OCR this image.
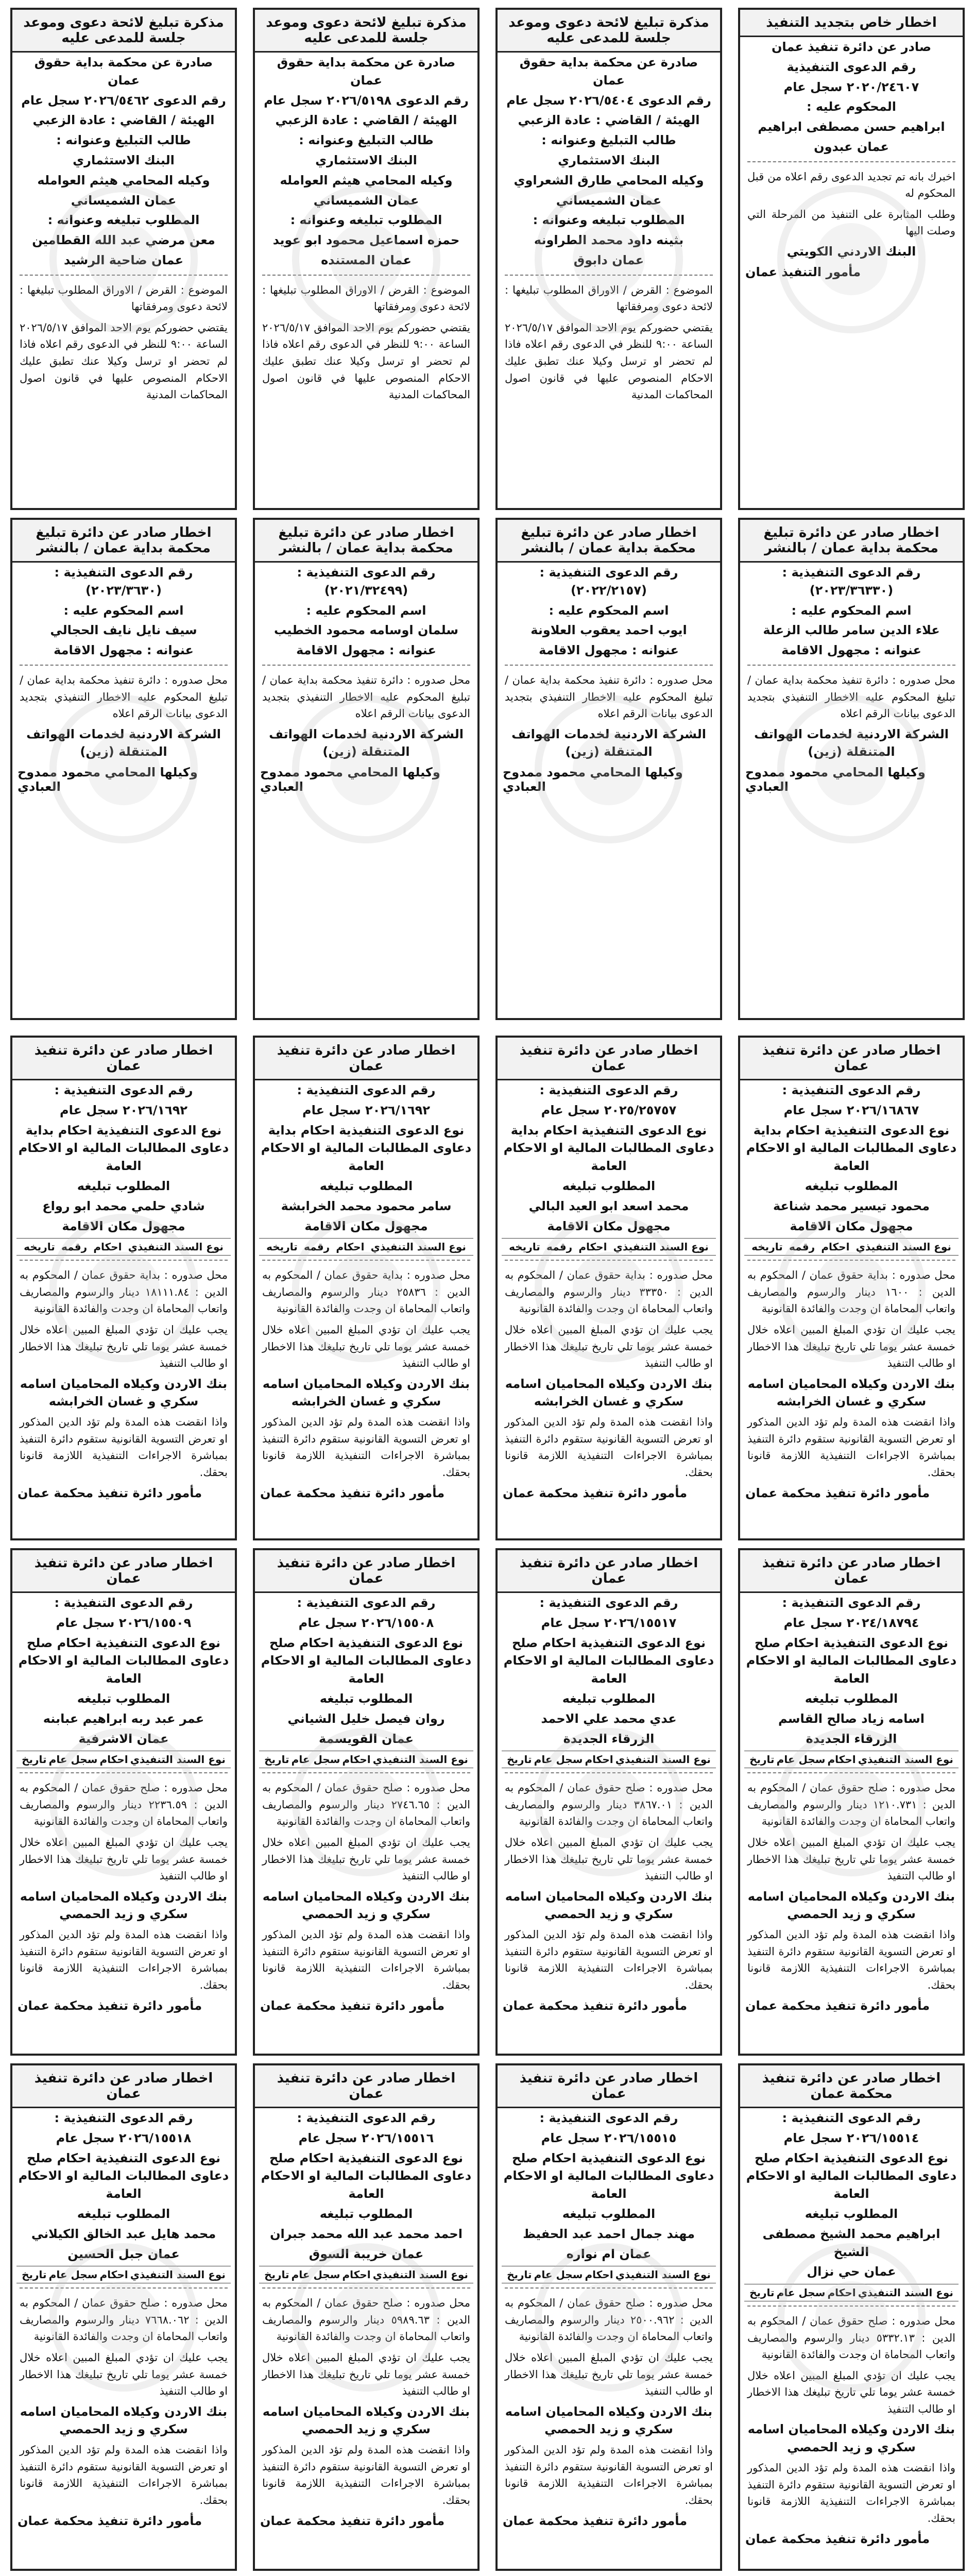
اخطار خاص بتجديد التنفيذ
صادر عن دائرة تنفيذ عمان
رقم الدعوى التنفيذية
٢٠٢٠/٢٤٦٠٧ سجل عام
المحكوم عليه :
ابراهيم حسن مصطفى ابراهيم
عمان عبدون
اخبرك بانه تم تجديد الدعوى رقم اعلاه من قبل المحكوم له
وطلب المثابرة على التنفيذ من المرحلة التي وصلت اليها
البنك الاردني الكويتي
مأمور التنفيذ عمان
مذكرة تبليغ لائحة دعوى وموعد جلسة للمدعى عليه
صادرة عن محكمة بداية حقوق عمان
رقم الدعوى ٢٠٢٦/٥٤٠٤ سجل عام
الهيئة / القاضي : عادة الزعبي
طالب التبليغ وعنوانه :
البنك الاستثماري
وكيله المحامي طارق الشعراوي
عمان الشميساني
المطلوب تبليغه وعنوانه :
بثينه داود محمد الطراونه
عمان دابوق
الموضوع : القرض / الاوراق المطلوب تبليغها : لائحة دعوى ومرفقاتها
يقتضي حضوركم يوم الاحد الموافق ٢٠٢٦/٥/١٧ الساعة ٩:٠٠ للنظر في الدعوى رقم اعلاه فاذا لم تحضر او ترسل وكيلا عنك تطبق عليك الاحكام المنصوص عليها في قانون اصول المحاكمات المدنية
مذكرة تبليغ لائحة دعوى وموعد جلسة للمدعى عليه
صادرة عن محكمة بداية حقوق عمان
رقم الدعوى ٢٠٢٦/٥١٩٨ سجل عام
الهيئة / القاضي : عادة الزعبي
طالب التبليغ وعنوانه :
البنك الاستثماري
وكيله المحامي هيثم العوامله
عمان الشميساني
المطلوب تبليغه وعنوانه :
حمزه اسماعيل محمود ابو عويد
عمان المستنده
الموضوع : القرض / الاوراق المطلوب تبليغها : لائحة دعوى ومرفقاتها
يقتضي حضوركم يوم الاحد الموافق ٢٠٢٦/٥/١٧ الساعة ٩:٠٠ للنظر في الدعوى رقم اعلاه فاذا لم تحضر او ترسل وكيلا عنك تطبق عليك الاحكام المنصوص عليها في قانون اصول المحاكمات المدنية
مذكرة تبليغ لائحة دعوى وموعد جلسة للمدعى عليه
صادرة عن محكمة بداية حقوق عمان
رقم الدعوى ٢٠٢٦/٥٤٦٢ سجل عام
الهيئة / القاضي : عادة الزعبي
طالب التبليغ وعنوانه :
البنك الاستثماري
وكيله المحامي هيثم العوامله
عمان الشميساني
المطلوب تبليغه وعنوانه :
معن مرضي عبد الله القطامين
عمان ضاحية الرشيد
الموضوع : القرض / الاوراق المطلوب تبليغها : لائحة دعوى ومرفقاتها
يقتضي حضوركم يوم الاحد الموافق ٢٠٢٦/٥/١٧ الساعة ٩:٠٠ للنظر في الدعوى رقم اعلاه فاذا لم تحضر او ترسل وكيلا عنك تطبق عليك الاحكام المنصوص عليها في قانون اصول المحاكمات المدنية
اخطار صادر عن دائرة تبليغ محكمة بداية عمان / بالنشر
رقم الدعوى التنفيذية : (٢٠٢٣/٣٦٣٣٠)
اسم المحكوم عليه :
علاء الدين سامر طالب الزعلة
عنوانه : مجهول الاقامة
محل صدوره : دائرة تنفيذ محكمة بداية عمان / تبليغ المحكوم عليه الاخطار التنفيذي بتجديد الدعوى بيانات الرقم اعلاه
الشركة الاردنية لخدمات الهواتف المتنقلة (زين)
وكيلها المحامي محمود ممدوح العبادي
اخطار صادر عن دائرة تبليغ محكمة بداية عمان / بالنشر
رقم الدعوى التنفيذية : (٢٠٢٢/٢١٥٧)
اسم المحكوم عليه :
ايوب احمد يعقوب العلاونة
عنوانه : مجهول الاقامة
محل صدوره : دائرة تنفيذ محكمة بداية عمان / تبليغ المحكوم عليه الاخطار التنفيذي بتجديد الدعوى بيانات الرقم اعلاه
الشركة الاردنية لخدمات الهواتف المتنقلة (زين)
وكيلها المحامي محمود ممدوح العبادي
اخطار صادر عن دائرة تبليغ محكمة بداية عمان / بالنشر
رقم الدعوى التنفيذية : (٢٠٢١/٣٢٤٩٩)
اسم المحكوم عليه :
سلمان اوسامه محمود الخطيب
عنوانه : مجهول الاقامة
محل صدوره : دائرة تنفيذ محكمة بداية عمان / تبليغ المحكوم عليه الاخطار التنفيذي بتجديد الدعوى بيانات الرقم اعلاه
الشركة الاردنية لخدمات الهواتف المتنقلة (زين)
وكيلها المحامي محمود ممدوح العبادي
اخطار صادر عن دائرة تبليغ محكمة بداية عمان / بالنشر
رقم الدعوى التنفيذية : (٢٠٢٣/٣٦٣٠)
اسم المحكوم عليه :
سيف نايل نايف الحجالي
عنوانه : مجهول الاقامة
محل صدوره : دائرة تنفيذ محكمة بداية عمان / تبليغ المحكوم عليه الاخطار التنفيذي بتجديد الدعوى بيانات الرقم اعلاه
الشركة الاردنية لخدمات الهواتف المتنقلة (زين)
وكيلها المحامي محمود ممدوح العبادي
اخطار صادر عن دائرة تنفيذ عمان
رقم الدعوى التنفيذية :
٢٠٢٦/١٦٨٦٧ سجل عام
نوع الدعوى التنفيذية احكام بداية دعاوى المطالبات المالية او الاحكام العامة
المطلوب تبليغه
محمود تيسير محمد شناعة
مجهول مكان الاقامة
نوع السند التنفيذي
احكام
رقمه
تاريخه
محل صدوره : بداية حقوق عمان / المحكوم به الدين : ١٦٠٠ دينار والرسوم والمصاريف واتعاب المحاماة ان وجدت والفائدة القانونية
يجب عليك ان تؤدي المبلغ المبين اعلاه خلال خمسة عشر يوما تلي تاريخ تبليغك هذا الاخطار او طالب التنفيذ
بنك الاردن وكيلاه المحاميان اسامه سكري و غسان الخرابشه
واذا انقضت هذه المدة ولم تؤد الدين المذكور او تعرض التسوية القانونية ستقوم دائرة التنفيذ بمباشرة الاجراءات التنفيذية اللازمة قانونا بحقك.
مأمور دائرة تنفيذ محكمة عمان
اخطار صادر عن دائرة تنفيذ عمان
رقم الدعوى التنفيذية :
٢٠٢٥/٢٥٧٥٧ سجل عام
نوع الدعوى التنفيذية احكام بداية دعاوى المطالبات المالية او الاحكام العامة
المطلوب تبليغه
محمد اسعد ابو العيد البالي
مجهول مكان الاقامة
نوع السند التنفيذي
احكام
رقمه
تاريخه
محل صدوره : بداية حقوق عمان / المحكوم به الدين : ٣٣٣٥٠ دينار والرسوم والمصاريف واتعاب المحاماة ان وجدت والفائدة القانونية
يجب عليك ان تؤدي المبلغ المبين اعلاه خلال خمسة عشر يوما تلي تاريخ تبليغك هذا الاخطار او طالب التنفيذ
بنك الاردن وكيلاه المحاميان اسامه سكري و غسان الخرابشه
واذا انقضت هذه المدة ولم تؤد الدين المذكور او تعرض التسوية القانونية ستقوم دائرة التنفيذ بمباشرة الاجراءات التنفيذية اللازمة قانونا بحقك.
مأمور دائرة تنفيذ محكمة عمان
اخطار صادر عن دائرة تنفيذ عمان
رقم الدعوى التنفيذية :
٢٠٢٦/١٦٩٢ سجل عام
نوع الدعوى التنفيذية احكام بداية دعاوى المطالبات المالية او الاحكام العامة
المطلوب تبليغه
سامر محمود محمد الخرابشة
مجهول مكان الاقامة
نوع السند التنفيذي
احكام
رقمه
تاريخه
محل صدوره : بداية حقوق عمان / المحكوم به الدين : ٢٥٨٣٦ دينار والرسوم والمصاريف واتعاب المحاماة ان وجدت والفائدة القانونية
يجب عليك ان تؤدي المبلغ المبين اعلاه خلال خمسة عشر يوما تلي تاريخ تبليغك هذا الاخطار او طالب التنفيذ
بنك الاردن وكيلاه المحاميان اسامه سكري و غسان الخرابشه
واذا انقضت هذه المدة ولم تؤد الدين المذكور او تعرض التسوية القانونية ستقوم دائرة التنفيذ بمباشرة الاجراءات التنفيذية اللازمة قانونا بحقك.
مأمور دائرة تنفيذ محكمة عمان
اخطار صادر عن دائرة تنفيذ عمان
رقم الدعوى التنفيذية :
٢٠٢٦/١٦٩٢ سجل عام
نوع الدعوى التنفيذية احكام بداية دعاوى المطالبات المالية او الاحكام العامة
المطلوب تبليغه
شادي حلمي محمد ابو رواع
مجهول مكان الاقامة
نوع السند التنفيذي
احكام
رقمه
تاريخه
محل صدوره : بداية حقوق عمان / المحكوم به الدين : ١٨١١١.٨٤ دينار والرسوم والمصاريف واتعاب المحاماة ان وجدت والفائدة القانونية
يجب عليك ان تؤدي المبلغ المبين اعلاه خلال خمسة عشر يوما تلي تاريخ تبليغك هذا الاخطار او طالب التنفيذ
بنك الاردن وكيلاه المحاميان اسامه سكري و غسان الخرابشه
واذا انقضت هذه المدة ولم تؤد الدين المذكور او تعرض التسوية القانونية ستقوم دائرة التنفيذ بمباشرة الاجراءات التنفيذية اللازمة قانونا بحقك.
مأمور دائرة تنفيذ محكمة عمان
اخطار صادر عن دائرة تنفيذ عمان
رقم الدعوى التنفيذية :
٢٠٢٤/١٨٧٩٤ سجل عام
نوع الدعوى التنفيذية احكام صلح دعاوى المطالبات المالية او الاحكام العامة
المطلوب تبليغه
اسامه زياد صالح القاسم
الزرقاء الجديدة
نوع السند التنفيذي
احكام
سجل عام
تاريخ
محل صدوره : صلح حقوق عمان / المحكوم به الدين : ١٢١٠.٧٣١ دينار والرسوم والمصاريف واتعاب المحاماة ان وجدت والفائدة القانونية
يجب عليك ان تؤدي المبلغ المبين اعلاه خلال خمسة عشر يوما تلي تاريخ تبليغك هذا الاخطار او طالب التنفيذ
بنك الاردن وكيلاه المحاميان اسامه سكري و زيد الحمصي
واذا انقضت هذه المدة ولم تؤد الدين المذكور او تعرض التسوية القانونية ستقوم دائرة التنفيذ بمباشرة الاجراءات التنفيذية اللازمة قانونا بحقك.
مأمور دائرة تنفيذ محكمة عمان
اخطار صادر عن دائرة تنفيذ عمان
رقم الدعوى التنفيذية :
٢٠٢٦/١٥٥١٧ سجل عام
نوع الدعوى التنفيذية احكام صلح دعاوى المطالبات المالية او الاحكام العامة
المطلوب تبليغه
عدي محمد علي الاحمد
الزرقاء الجديدة
نوع السند التنفيذي
احكام
سجل عام
تاريخ
محل صدوره : صلح حقوق عمان / المحكوم به الدين : ٣٨٦٧.٠١ دينار والرسوم والمصاريف واتعاب المحاماة ان وجدت والفائدة القانونية
يجب عليك ان تؤدي المبلغ المبين اعلاه خلال خمسة عشر يوما تلي تاريخ تبليغك هذا الاخطار او طالب التنفيذ
بنك الاردن وكيلاه المحاميان اسامه سكري و زيد الحمصي
واذا انقضت هذه المدة ولم تؤد الدين المذكور او تعرض التسوية القانونية ستقوم دائرة التنفيذ بمباشرة الاجراءات التنفيذية اللازمة قانونا بحقك.
مأمور دائرة تنفيذ محكمة عمان
اخطار صادر عن دائرة تنفيذ عمان
رقم الدعوى التنفيذية :
٢٠٢٦/١٥٥٠٨ سجل عام
نوع الدعوى التنفيذية احكام صلح دعاوى المطالبات المالية او الاحكام العامة
المطلوب تبليغه
روان فيصل خليل الشياني
عمان القويسمة
نوع السند التنفيذي
احكام
سجل عام
تاريخ
محل صدوره : صلح حقوق عمان / المحكوم به الدين : ٢٧٤٦.٦٥ دينار والرسوم والمصاريف واتعاب المحاماة ان وجدت والفائدة القانونية
يجب عليك ان تؤدي المبلغ المبين اعلاه خلال خمسة عشر يوما تلي تاريخ تبليغك هذا الاخطار او طالب التنفيذ
بنك الاردن وكيلاه المحاميان اسامه سكري و زيد الحمصي
واذا انقضت هذه المدة ولم تؤد الدين المذكور او تعرض التسوية القانونية ستقوم دائرة التنفيذ بمباشرة الاجراءات التنفيذية اللازمة قانونا بحقك.
مأمور دائرة تنفيذ محكمة عمان
اخطار صادر عن دائرة تنفيذ عمان
رقم الدعوى التنفيذية :
٢٠٢٦/١٥٥٠٩ سجل عام
نوع الدعوى التنفيذية احكام صلح دعاوى المطالبات المالية او الاحكام العامة
المطلوب تبليغه
عمر عبد ربه ابراهيم عبابنه
عمان الاشرفية
نوع السند التنفيذي
احكام
سجل عام
تاريخ
محل صدوره : صلح حقوق عمان / المحكوم به الدين : ٢٢٣٦.٥٩ دينار والرسوم والمصاريف واتعاب المحاماة ان وجدت والفائدة القانونية
يجب عليك ان تؤدي المبلغ المبين اعلاه خلال خمسة عشر يوما تلي تاريخ تبليغك هذا الاخطار او طالب التنفيذ
بنك الاردن وكيلاه المحاميان اسامه سكري و زيد الحمصي
واذا انقضت هذه المدة ولم تؤد الدين المذكور او تعرض التسوية القانونية ستقوم دائرة التنفيذ بمباشرة الاجراءات التنفيذية اللازمة قانونا بحقك.
مأمور دائرة تنفيذ محكمة عمان
اخطار صادر عن دائرة تنفيذ محكمة عمان
رقم الدعوى التنفيذية :
٢٠٢٦/١٥٥١٤ سجل عام
نوع الدعوى التنفيذية احكام صلح دعاوى المطالبات المالية او الاحكام العامة
المطلوب تبليغه
ابراهيم محمد الشيخ مصطفى الشيخ
عمان حي نزال
نوع السند التنفيذي
احكام
سجل عام
تاريخ
محل صدوره : صلح حقوق عمان / المحكوم به الدين : ٥٣٣٢.١٣ دينار والرسوم والمصاريف واتعاب المحاماة ان وجدت والفائدة القانونية
يجب عليك ان تؤدي المبلغ المبين اعلاه خلال خمسة عشر يوما تلي تاريخ تبليغك هذا الاخطار او طالب التنفيذ
بنك الاردن وكيلاه المحاميان اسامه سكري و زيد الحمصي
واذا انقضت هذه المدة ولم تؤد الدين المذكور او تعرض التسوية القانونية ستقوم دائرة التنفيذ بمباشرة الاجراءات التنفيذية اللازمة قانونا بحقك.
مأمور دائرة تنفيذ محكمة عمان
اخطار صادر عن دائرة تنفيذ عمان
رقم الدعوى التنفيذية :
٢٠٢٦/١٥٥١٥ سجل عام
نوع الدعوى التنفيذية احكام صلح دعاوى المطالبات المالية او الاحكام العامة
المطلوب تبليغه
مهند جمال احمد عبد الحفيظ
عمان ام نواره
نوع السند التنفيذي
احكام
سجل عام
تاريخ
محل صدوره : صلح حقوق عمان / المحكوم به الدين : ٢٥٠٠.٩٦٢ دينار والرسوم والمصاريف واتعاب المحاماة ان وجدت والفائدة القانونية
يجب عليك ان تؤدي المبلغ المبين اعلاه خلال خمسة عشر يوما تلي تاريخ تبليغك هذا الاخطار او طالب التنفيذ
بنك الاردن وكيلاه المحاميان اسامه سكري و زيد الحمصي
واذا انقضت هذه المدة ولم تؤد الدين المذكور او تعرض التسوية القانونية ستقوم دائرة التنفيذ بمباشرة الاجراءات التنفيذية اللازمة قانونا بحقك.
مأمور دائرة تنفيذ محكمة عمان
اخطار صادر عن دائرة تنفيذ عمان
رقم الدعوى التنفيذية :
٢٠٢٦/١٥٥١٦ سجل عام
نوع الدعوى التنفيذية احكام صلح دعاوى المطالبات المالية او الاحكام العامة
المطلوب تبليغه
احمد محمد عبد الله محمد جبران
عمان خريبة السوق
نوع السند التنفيذي
احكام
سجل عام
تاريخ
محل صدوره : صلح حقوق عمان / المحكوم به الدين : ٥٩٨٩.٦٣ دينار والرسوم والمصاريف واتعاب المحاماة ان وجدت والفائدة القانونية
يجب عليك ان تؤدي المبلغ المبين اعلاه خلال خمسة عشر يوما تلي تاريخ تبليغك هذا الاخطار او طالب التنفيذ
بنك الاردن وكيلاه المحاميان اسامه سكري و زيد الحمصي
واذا انقضت هذه المدة ولم تؤد الدين المذكور او تعرض التسوية القانونية ستقوم دائرة التنفيذ بمباشرة الاجراءات التنفيذية اللازمة قانونا بحقك.
مأمور دائرة تنفيذ محكمة عمان
اخطار صادر عن دائرة تنفيذ عمان
رقم الدعوى التنفيذية :
٢٠٢٦/١٥٥١٨ سجل عام
نوع الدعوى التنفيذية احكام صلح دعاوى المطالبات المالية او الاحكام العامة
المطلوب تبليغه
محمد هايل عبد الخالق الكيلاني
عمان جبل الحسين
نوع السند التنفيذي
احكام
سجل عام
تاريخ
محل صدوره : صلح حقوق عمان / المحكوم به الدين : ٧٦٦٨.٠٦٢ دينار والرسوم والمصاريف واتعاب المحاماة ان وجدت والفائدة القانونية
يجب عليك ان تؤدي المبلغ المبين اعلاه خلال خمسة عشر يوما تلي تاريخ تبليغك هذا الاخطار او طالب التنفيذ
بنك الاردن وكيلاه المحاميان اسامه سكري و زيد الحمصي
واذا انقضت هذه المدة ولم تؤد الدين المذكور او تعرض التسوية القانونية ستقوم دائرة التنفيذ بمباشرة الاجراءات التنفيذية اللازمة قانونا بحقك.
مأمور دائرة تنفيذ محكمة عمان
